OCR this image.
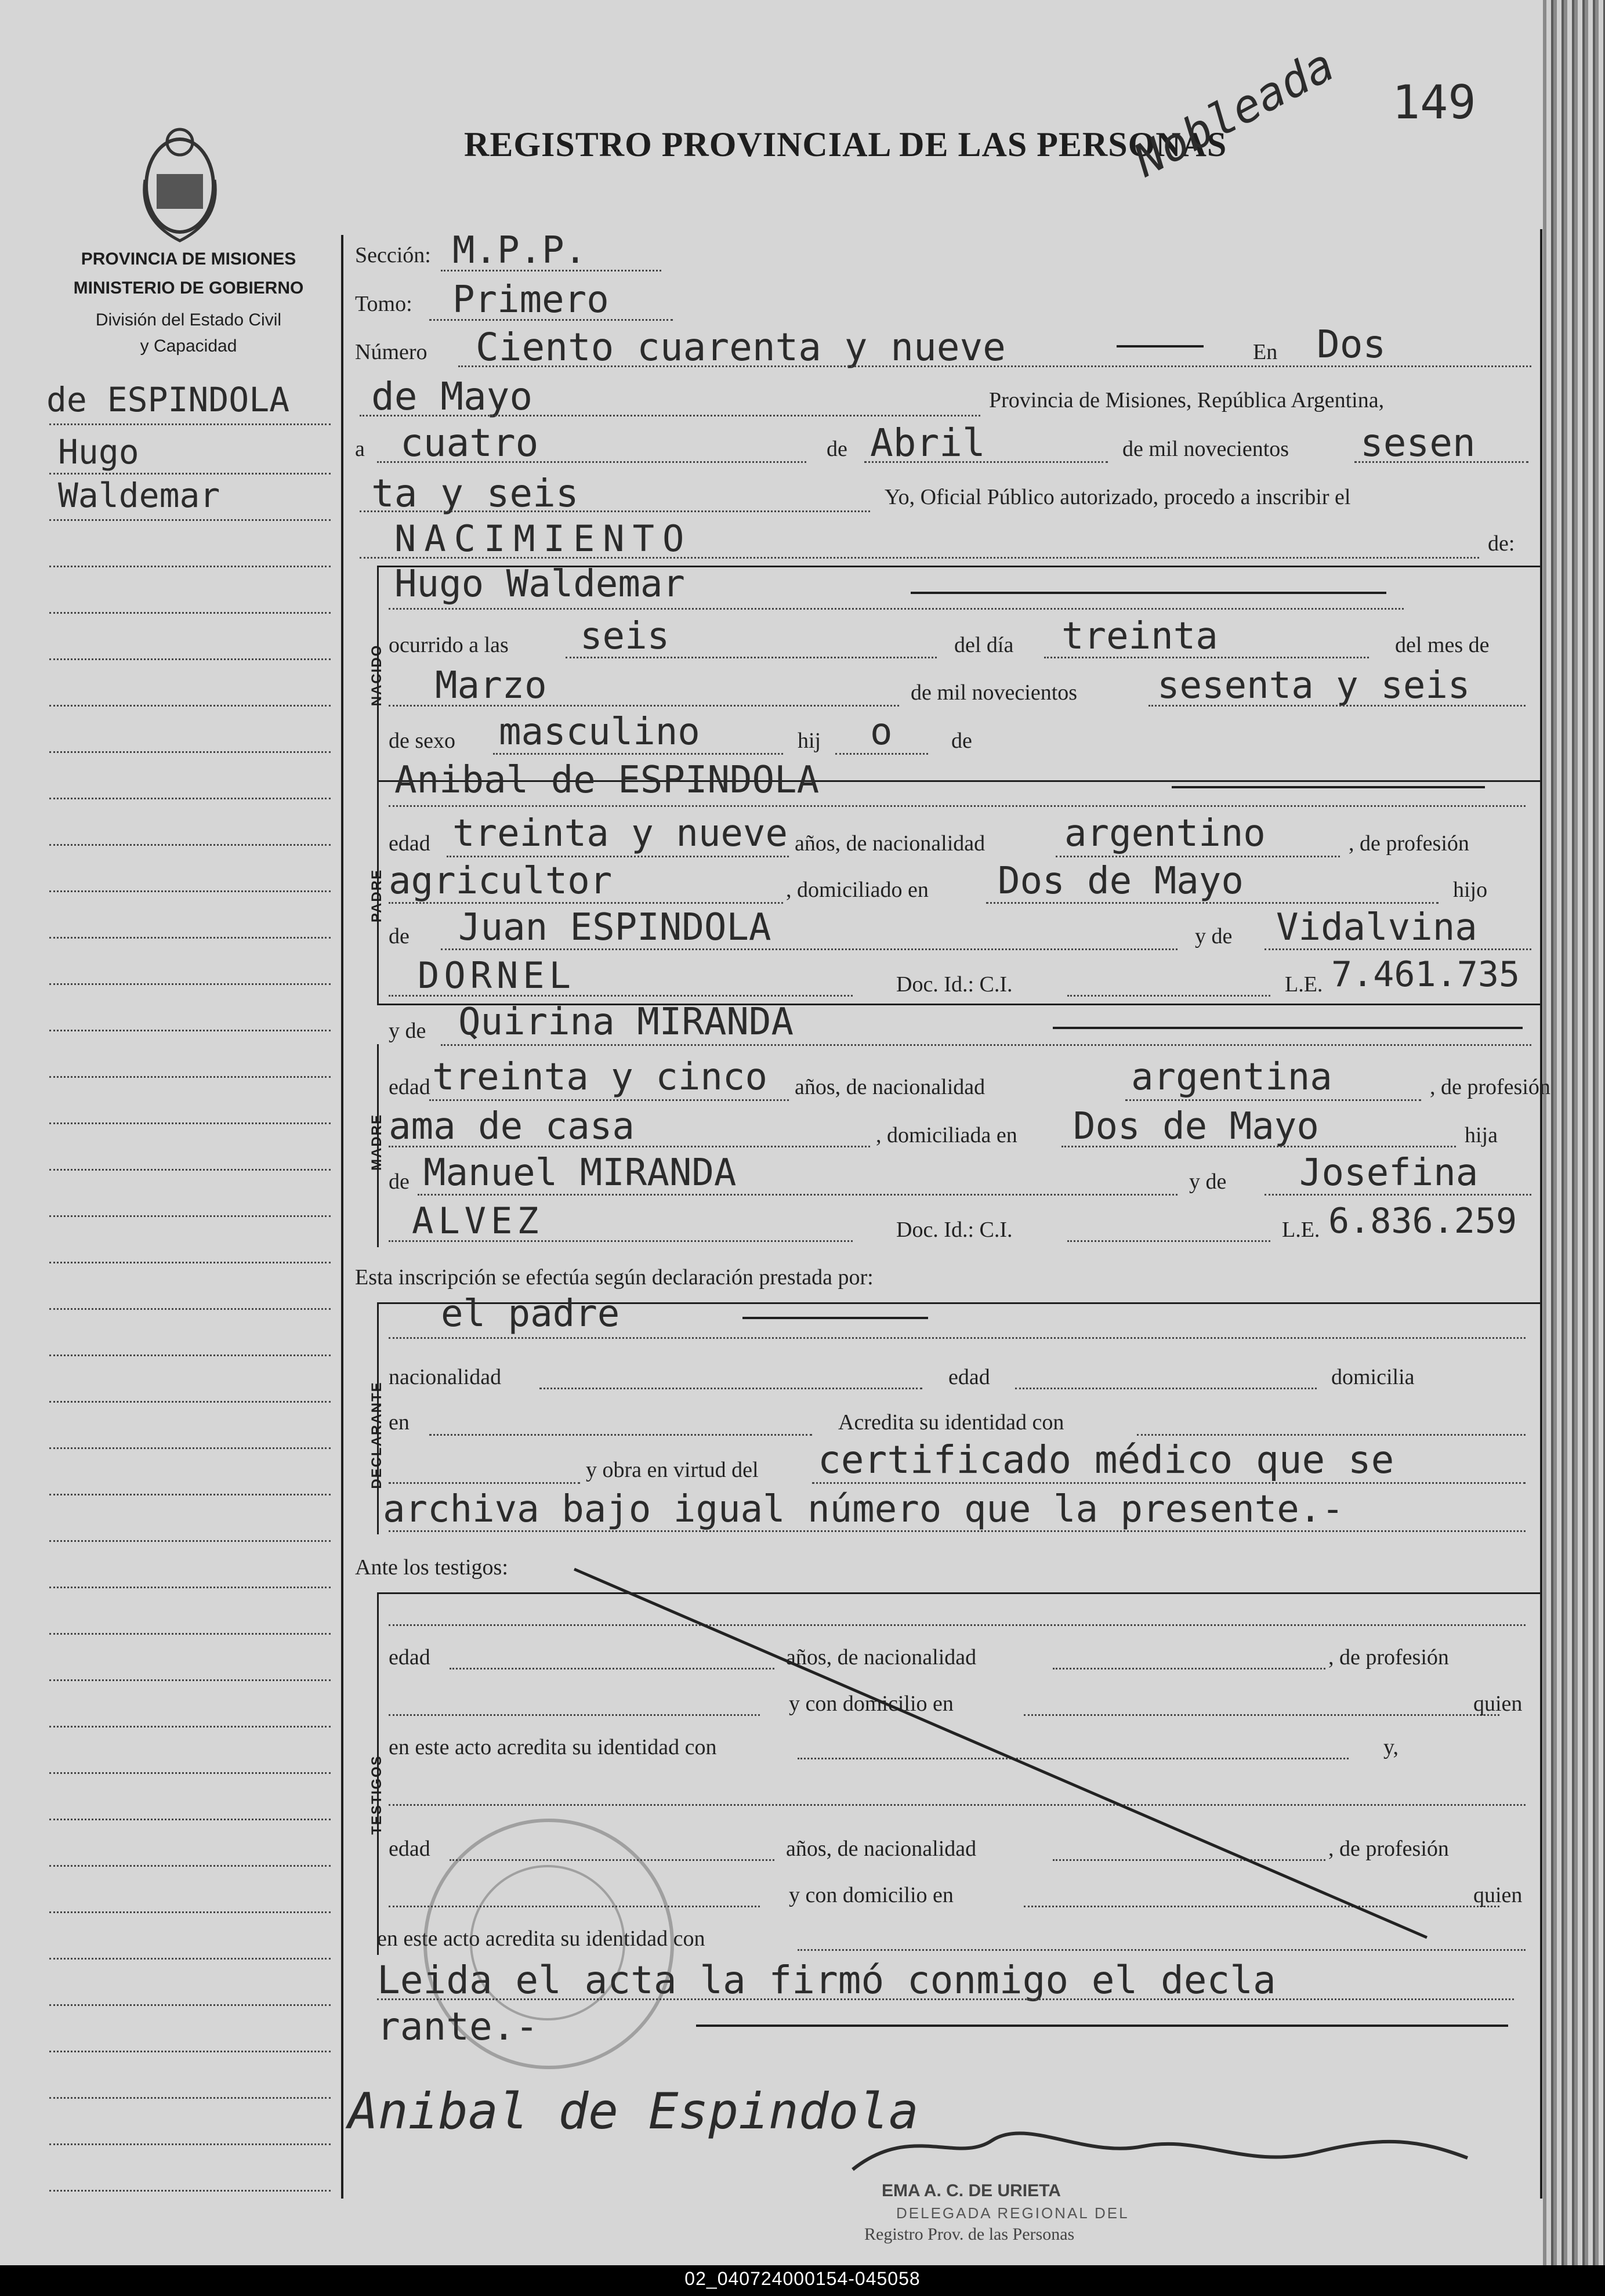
REGISTRO PROVINCIAL DE LAS PERSONAS
149
Nobleada
PROVINCIA DE MISIONES
MINISTERIO DE GOBIERNO
División del Estado Civil
y Capacidad
de ESPINDOLA
Hugo
Waldemar
Sección: M.P.P.
Tomo: Primero
Número Ciento cuarenta y nueve	En Dos
de Mayo	Provincia de Misiones, República Argentina,
a cuatro	de Abril	de mil novecientos sesen
ta y seis	Yo, Oficial Público autorizado, procedo a inscribir el
NACIMIENTO	de:
NACIDO
Hugo Waldemar
ocurrido a las seis	del día treinta	del mes de
Marzo	de mil novecientos sesenta y seis
de sexo masculino	hij o	de
PADRE
Anibal de ESPINDOLA
edad treinta y nueve años, de nacionalidad argentino	, de profesión
agricultor	, domiciliado en Dos de Mayo	hijo
de Juan ESPINDOLA	y de Vidalvina
DORNEL	Doc. Id.: C.I.	L.E. 7.461.735
MADRE
y de Quirina MIRANDA
edad treinta y cinco años, de nacionalidad	argentina	, de profesión
ama de casa	, domiciliada en Dos de Mayo	hija
de Manuel MIRANDA	y de Josefina
ALVEZ	Doc. Id.: C.I.	L.E. 6.836.259
Esta inscripción se efectúa según declaración prestada por:
DECLARANTE
el padre
nacionalidad	edad	domicilia
en	Acredita su identidad con
y obra en virtud del certificado médico que se
archiva bajo igual número que la presente.-
Ante los testigos:
TESTIGOS
edad	años, de nacionalidad	, de profesión
y con domicilio en	quien
en este acto acredita su identidad con	y,
edad	años, de nacionalidad	, de profesión
y con domicilio en	quien
en este acto acredita su identidad con
Leida el acta la firmó conmigo el decla
rante.-
Anibal de Espindola
EMA A. C. DE URIETA
DELEGADA REGIONAL DEL
Registro Prov. de las Personas
02_040724000154-045058
